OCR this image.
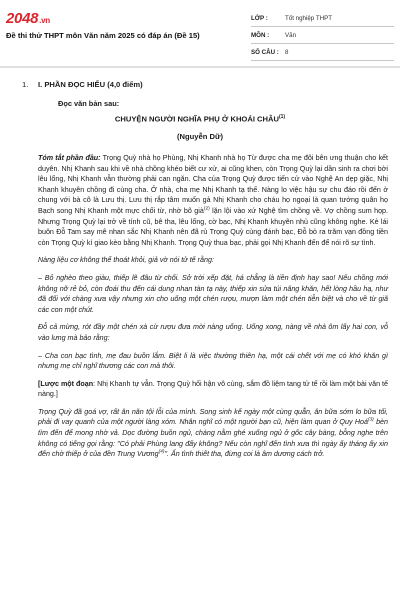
2048.vn
Đề thi thử THPT môn Văn năm 2025 có đáp án (Đề 15)
LỚP :	Tốt nghiệp THPT
MÔN :	Văn
SỐ CÂU : 8
1. I. PHẦN ĐỌC HIỂU (4,0 điểm)
Đọc văn bản sau:
CHUYỆN NGƯỜI NGHĨA PHỤ Ở KHOÁI CHÂU$^{(1)}$
(Nguyễn Dữ)

Tóm tắt phần đầu: Trọng Quỳ nhà họ Phùng, Nhị Khanh nhà họ Từ được cha mẹ đôi bên ưng thuận cho kết duyên. Nhị Khanh sau khi về nhà chồng khéo biết cư xử, ai cũng khen, còn Trọng Quỳ lại dần sinh ra chơi bời lêu lổng, Nhị Khanh vẫn thường phải can ngăn. Cha của Trọng Quỳ được tiến cử vào Nghệ An dẹp giặc, Nhị Khanh khuyên chồng đi cùng cha. Ở nhà, cha mẹ Nhị Khanh tạ thế. Nàng lo việc hậu sự chu đáo rồi đến ở chung với bà cô là Lưu thị. Lưu thị rắp tâm muốn gả Nhị Khanh cho cháu họ ngoại là quan tướng quân họ Bạch song Nhị Khanh một mực chối từ, nhờ bõ già$^{(2)}$ lặn lội vào xứ Nghệ tìm chồng về. Vợ chồng sum họp. Nhưng Trọng Quỳ lại trở về tính cũ, bê tha, lêu lổng, cờ bạc, Nhị Khanh khuyên nhủ cũng không nghe. Kẻ lái buôn Đỗ Tam say mê nhan sắc Nhị Khanh nên đã rủ Trọng Quỳ cùng đánh bạc, Đỗ bỏ ra trăm vạn đồng tiền còn Trọng Quỳ kí giao kèo bằng Nhị Khanh. Trọng Quỳ thua bạc, phải gọi Nhị Khanh đến để nói rõ sự tình.

Nàng liệu cơ không thể thoát khỏi, giả vờ nói tử tế rằng:

– Bỏ nghèo theo giàu, thiếp lẽ đâu từ chối. Sở trời xếp đặt, há chẳng là tiền định hay sao! Nếu chồng mới không nỡ rẻ bỏ, còn đoái thu đến cái dung nhan tàn tạ này, thiếp xin sửa túi nâng khăn, hết lòng hầu hạ, như đã đối với chàng xưa vậy nhưng xin cho uống một chén rượu, mượn làm một chén tiễn biệt và cho về từ giã các con một chút.

Đỗ cả mừng, rót đầy một chén xà cừ rượu đưa mời nàng uống. Uống xong, nàng về nhà ôm lấy hai con, vỗ vào lưng mà bảo rằng:

– Cha con bạc tình, mẹ đau buồn lắm. Biệt li là việc thường thiên hạ, một cái chết với mẹ có khó khăn gì nhưng mẹ chỉ nghĩ thương các con mà thôi.

[Lược một đoạn: Nhị Khanh tự vẫn. Trọng Quỳ hối hận vô cùng, sắm đồ liệm tang tử tế rồi làm một bài văn tế nàng.]

Trọng Quỳ đã goá vợ, rất ăn năn tội lỗi của mình. Song sinh kế ngày một cùng quẫn, ăn bữa sớm lo bữa tối, phải đi vay quanh của một người làng xóm. Nhân nghĩ có một người bạn cũ, hiện làm quan ở Quy Hoá$^{(3)}$ bèn tìm đến để mong nhờ vả. Dọc đường buồn ngủ, chàng nằm ghé xuống ngủ ở gốc cây bàng, bỗng nghe trên không có tiếng gọi rằng: "Có phải Phùng lang đấy không? Nếu còn nghĩ đến tình xưa thì ngày ấy tháng ấy xin đến chờ thiếp ở của đền Trung Vương$^{(4)}$". Ấn tình thiết tha, đừng coi là âm dương cách trở.
